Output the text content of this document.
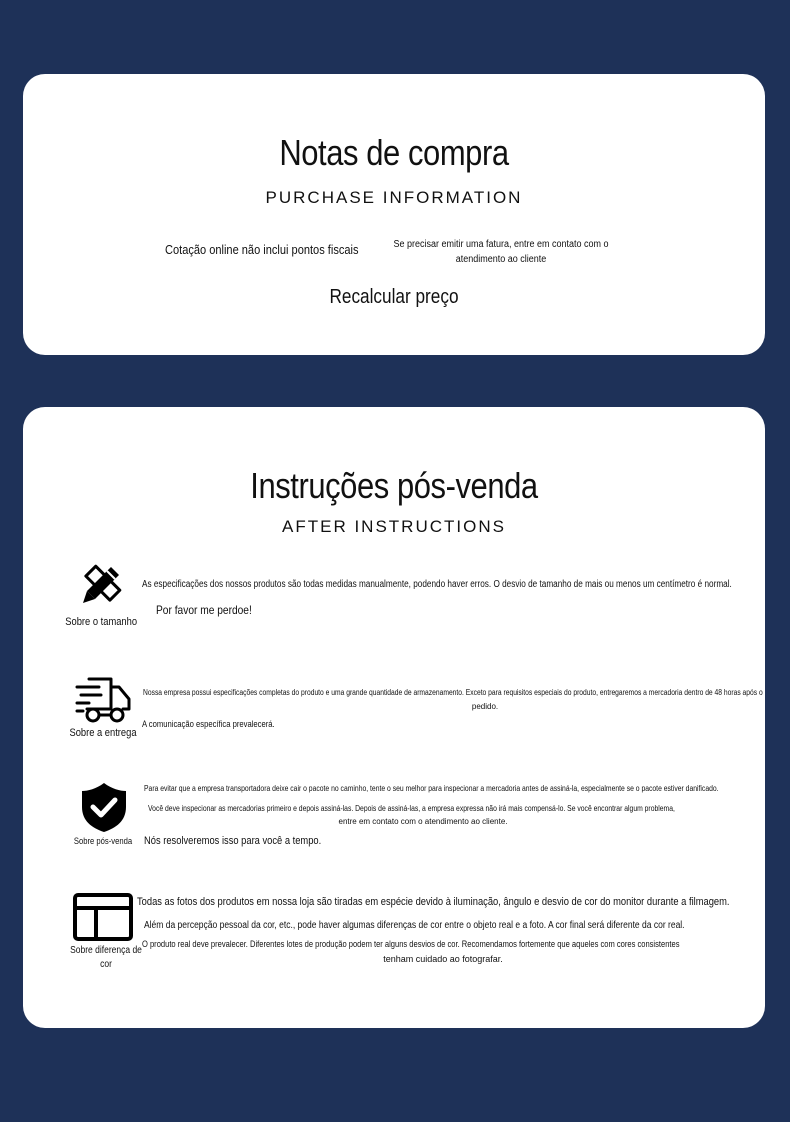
Notas de compra
PURCHASE INFORMATION
Cotação online não inclui pontos fiscais	Se precisar emitir uma fatura, entre em contato com o atendimento ao cliente
Recalcular preço
Instruções pós-venda
AFTER INSTRUCTIONS
Sobre o tamanho
As especificações dos nossos produtos são todas medidas manualmente, podendo haver erros. O desvio de tamanho de mais ou menos um centímetro é normal.
Por favor me perdoe!
Sobre a entrega
Nossa empresa possui especificações completas do produto e uma grande quantidade de armazenamento. Exceto para requisitos especiais do produto, entregaremos a mercadoria dentro de 48 horas após o
pedido.
A comunicação específica prevalecerá.
Sobre pós-venda
Para evitar que a empresa transportadora deixe cair o pacote no caminho, tente o seu melhor para inspecionar a mercadoria antes de assiná-la, especialmente se o pacote estiver danificado.
Você deve inspecionar as mercadorias primeiro e depois assiná-las. Depois de assiná-las, a empresa expressa não irá mais compensá-lo. Se você encontrar algum problema,
entre em contato com o atendimento ao cliente.
Nós resolveremos isso para você a tempo.
Sobre diferença de cor
Todas as fotos dos produtos em nossa loja são tiradas em espécie devido à iluminação, ângulo e desvio de cor do monitor durante a filmagem.
Além da percepção pessoal da cor, etc., pode haver algumas diferenças de cor entre o objeto real e a foto. A cor final será diferente da cor real.
O produto real deve prevalecer. Diferentes lotes de produção podem ter alguns desvios de cor. Recomendamos fortemente que aqueles com cores consistentes
tenham cuidado ao fotografar.
